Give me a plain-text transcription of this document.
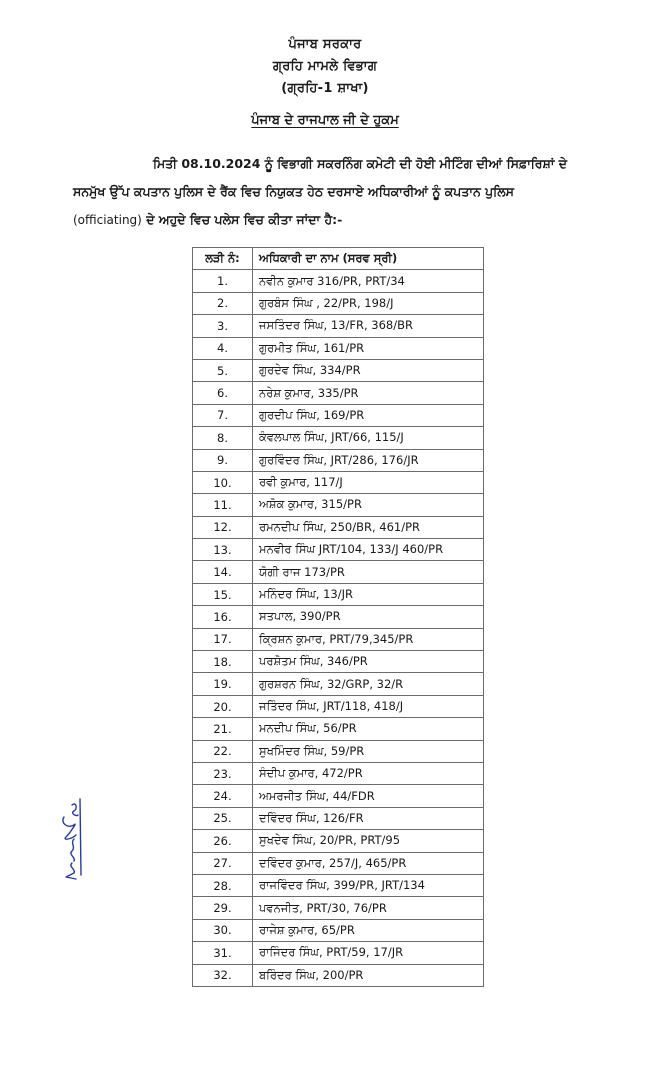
ਪੰਜਾਬ ਸਰਕਾਰ
ਗ੍ਰਹਿ ਮਾਮਲੇ ਵਿਭਾਗ
(ਗ੍ਰਹਿ-1 ਸ਼ਾਖਾ)
ਪੰਜਾਬ ਦੇ ਰਾਜਪਾਲ ਜੀ ਦੇ ਹੁਕਮ
ਮਿਤੀ 08.10.2024 ਨੂੰ ਵਿਭਾਗੀ ਸਕਰਨਿੰਗ ਕਮੇਟੀ ਦੀ ਹੋਈ ਮੀਟਿੰਗ ਦੀਆਂ ਸਿਫ਼ਾਰਿਸ਼ਾਂ ਦੇ
ਸਨਮੁੱਖ ਉੱਪ ਕਪਤਾਨ ਪੁਲਿਸ ਦੇ ਰੈਂਕ ਵਿਚ ਨਿਯੁਕਤ ਹੇਠ ਦਰਸਾਏ ਅਧਿਕਾਰੀਆਂ ਨੂੰ ਕਪਤਾਨ ਪੁਲਿਸ
(officiating) ਦੇ ਅਹੁਦੇ ਵਿਚ ਪਲੇਸ ਵਿਚ ਕੀਤਾ ਜਾਂਦਾ ਹੈ:-
ਲੜੀ ਨੰ:	ਅਧਿਕਾਰੀ ਦਾ ਨਾਮ (ਸਰਵ ਸ੍ਰੀ)
1.	ਨਵੀਨ ਕੁਮਾਰ 316/PR, PRT/34
2.	ਗੁਰਬੰਸ ਸਿੰਘ , 22/PR, 198/J
3.	ਜਸਤਿੰਦਰ ਸਿੰਘ, 13/FR, 368/BR
4.	ਗੁਰਮੀਤ ਸਿੰਘ, 161/PR
5.	ਗੁਰਦੇਵ ਸਿੰਘ, 334/PR
6.	ਨਰੇਸ਼ ਕੁਮਾਰ, 335/PR
7.	ਗੁਰਦੀਪ ਸਿੰਘ, 169/PR
8.	ਕੰਵਲਪਾਲ ਸਿੰਘ, JRT/66, 115/J
9.	ਗੁਰਵਿੰਦਰ ਸਿੰਘ, JRT/286, 176/JR
10.	ਰਵੀ ਕੁਮਾਰ, 117/J
11.	ਅਸ਼ੋਕ ਕੁਮਾਰ, 315/PR
12.	ਰਮਨਦੀਪ ਸਿੰਘ, 250/BR, 461/PR
13.	ਮਨਵੀਰ ਸਿੰਘ JRT/104, 133/J 460/PR
14.	ਯੋਗੀ ਰਾਜ 173/PR
15.	ਮਨਿੰਦਰ ਸਿੰਘ, 13/JR
16.	ਸਤਪਾਲ, 390/PR
17.	ਕ੍ਰਿਸ਼ਨ ਕੁਮਾਰ, PRT/79,345/PR
18.	ਪਰਸ਼ੋਤਮ ਸਿੰਘ, 346/PR
19.	ਗੁਰਸ਼ਰਨ ਸਿੰਘ, 32/GRP, 32/R
20.	ਜਤਿੰਦਰ ਸਿੰਘ, JRT/118, 418/J
21.	ਮਨਦੀਪ ਸਿੰਘ, 56/PR
22.	ਸੁਖਮਿੰਦਰ ਸਿੰਘ, 59/PR
23.	ਸੰਦੀਪ ਕੁਮਾਰ, 472/PR
24.	ਅਮਰਜੀਤ ਸਿੰਘ, 44/FDR
25.	ਦਵਿੰਦਰ ਸਿੰਘ, 126/FR
26.	ਸੁਖਦੇਵ ਸਿੰਘ, 20/PR, PRT/95
27.	ਦਵਿੰਦਰ ਕੁਮਾਰ, 257/J, 465/PR
28.	ਰਾਜਵਿੰਦਰ ਸਿੰਘ, 399/PR, JRT/134
29.	ਪਵਨਜੀਤ, PRT/30, 76/PR
30.	ਰਾਜੇਸ਼ ਕੁਮਾਰ, 65/PR
31.	ਰਾਜਿੰਦਰ ਸਿੰਘ, PRT/59, 17/JR
32.	ਬਰਿੰਦਰ ਸਿੰਘ, 200/PR
